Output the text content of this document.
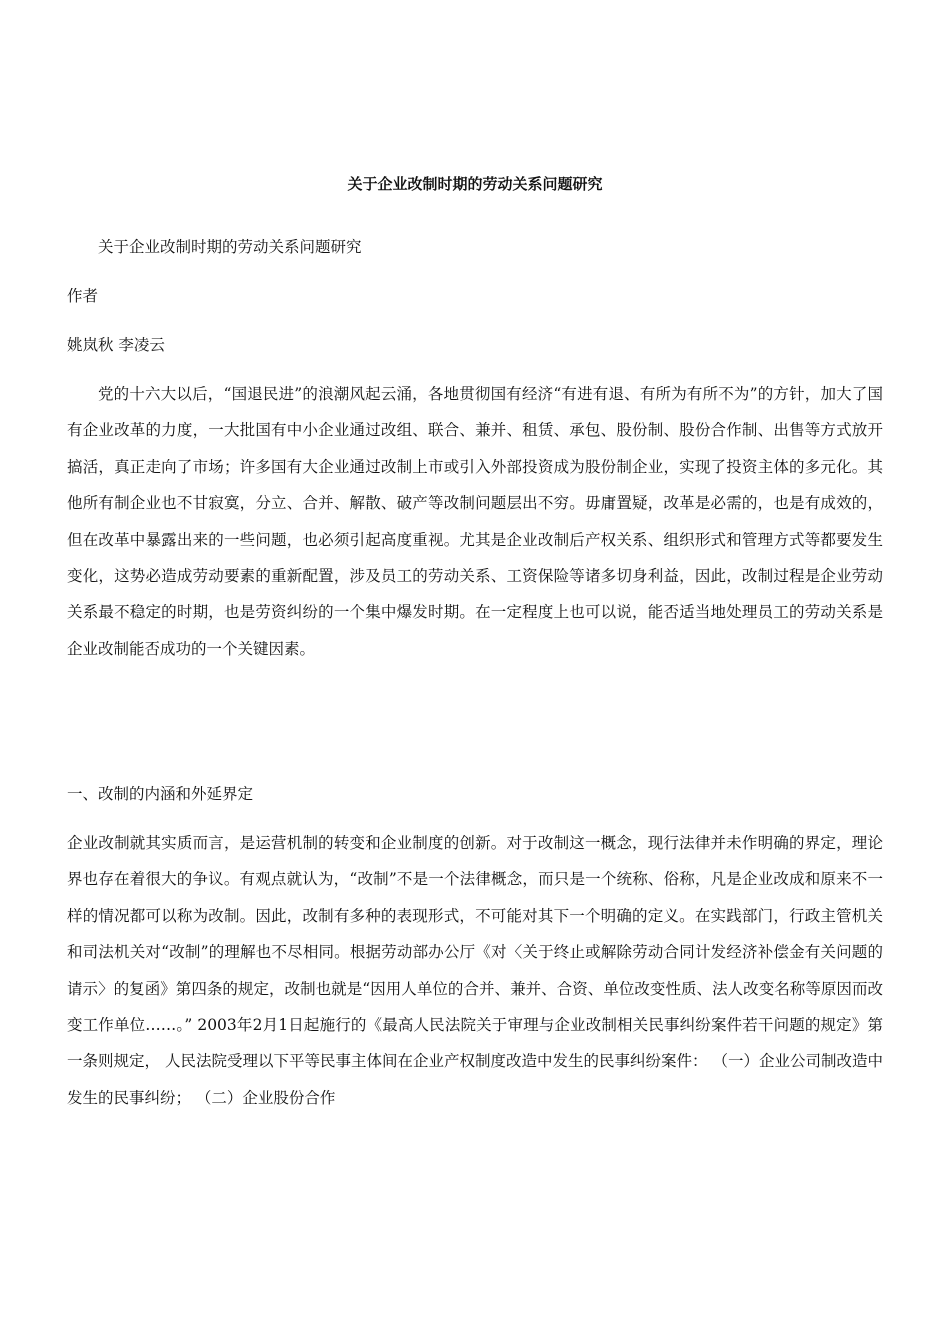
关于企业改制时期的劳动关系问题研究
关于企业改制时期的劳动关系问题研究
作者
姚岚秋 李凌云
党的十六大以后，“国退民进”的浪潮风起云涌，各地贯彻国有经济“有进有退、有所为有所不为”的方针，加大了国有企业改革的力度，一大批国有中小企业通过改组、联合、兼并、租赁、承包、股份制、股份合作制、出售等方式放开搞活，真正走向了市场；许多国有大企业通过改制上市或引入外部投资成为股份制企业，实现了投资主体的多元化。其他所有制企业也不甘寂寞，分立、合并、解散、破产等改制问题层出不穷。毋庸置疑，改革是必需的，也是有成效的，但在改革中暴露出来的一些问题，也必须引起高度重视。尤其是企业改制后产权关系、组织形式和管理方式等都要发生变化，这势必造成劳动要素的重新配置，涉及员工的劳动关系、工资保险等诸多切身利益，因此，改制过程是企业劳动关系最不稳定的时期，也是劳资纠纷的一个集中爆发时期。在一定程度上也可以说，能否适当地处理员工的劳动关系是企业改制能否成功的一个关键因素。
一、改制的内涵和外延界定
企业改制就其实质而言，是运营机制的转变和企业制度的创新。对于改制这一概念，现行法律并未作明确的界定，理论界也存在着很大的争议。有观点就认为，“改制”不是一个法律概念，而只是一个统称、俗称，凡是企业改成和原来不一样的情况都可以称为改制。因此，改制有多种的表现形式，不可能对其下一个明确的定义。在实践部门，行政主管机关和司法机关对“改制”的理解也不尽相同。根据劳动部办公厅《对〈关于终止或解除劳动合同计发经济补偿金有关问题的请示〉的复函》第四条的规定，改制也就是“因用人单位的合并、兼并、合资、单位改变性质、法人改变名称等原因而改变工作单位……。” 2003年2月1日起施行的《最高人民法院关于审理与企业改制相关民事纠纷案件若干问题的规定》第一条则规定， 人民法院受理以下平等民事主体间在企业产权制度改造中发生的民事纠纷案件： （一）企业公司制改造中发生的民事纠纷； （二）企业股份合作
